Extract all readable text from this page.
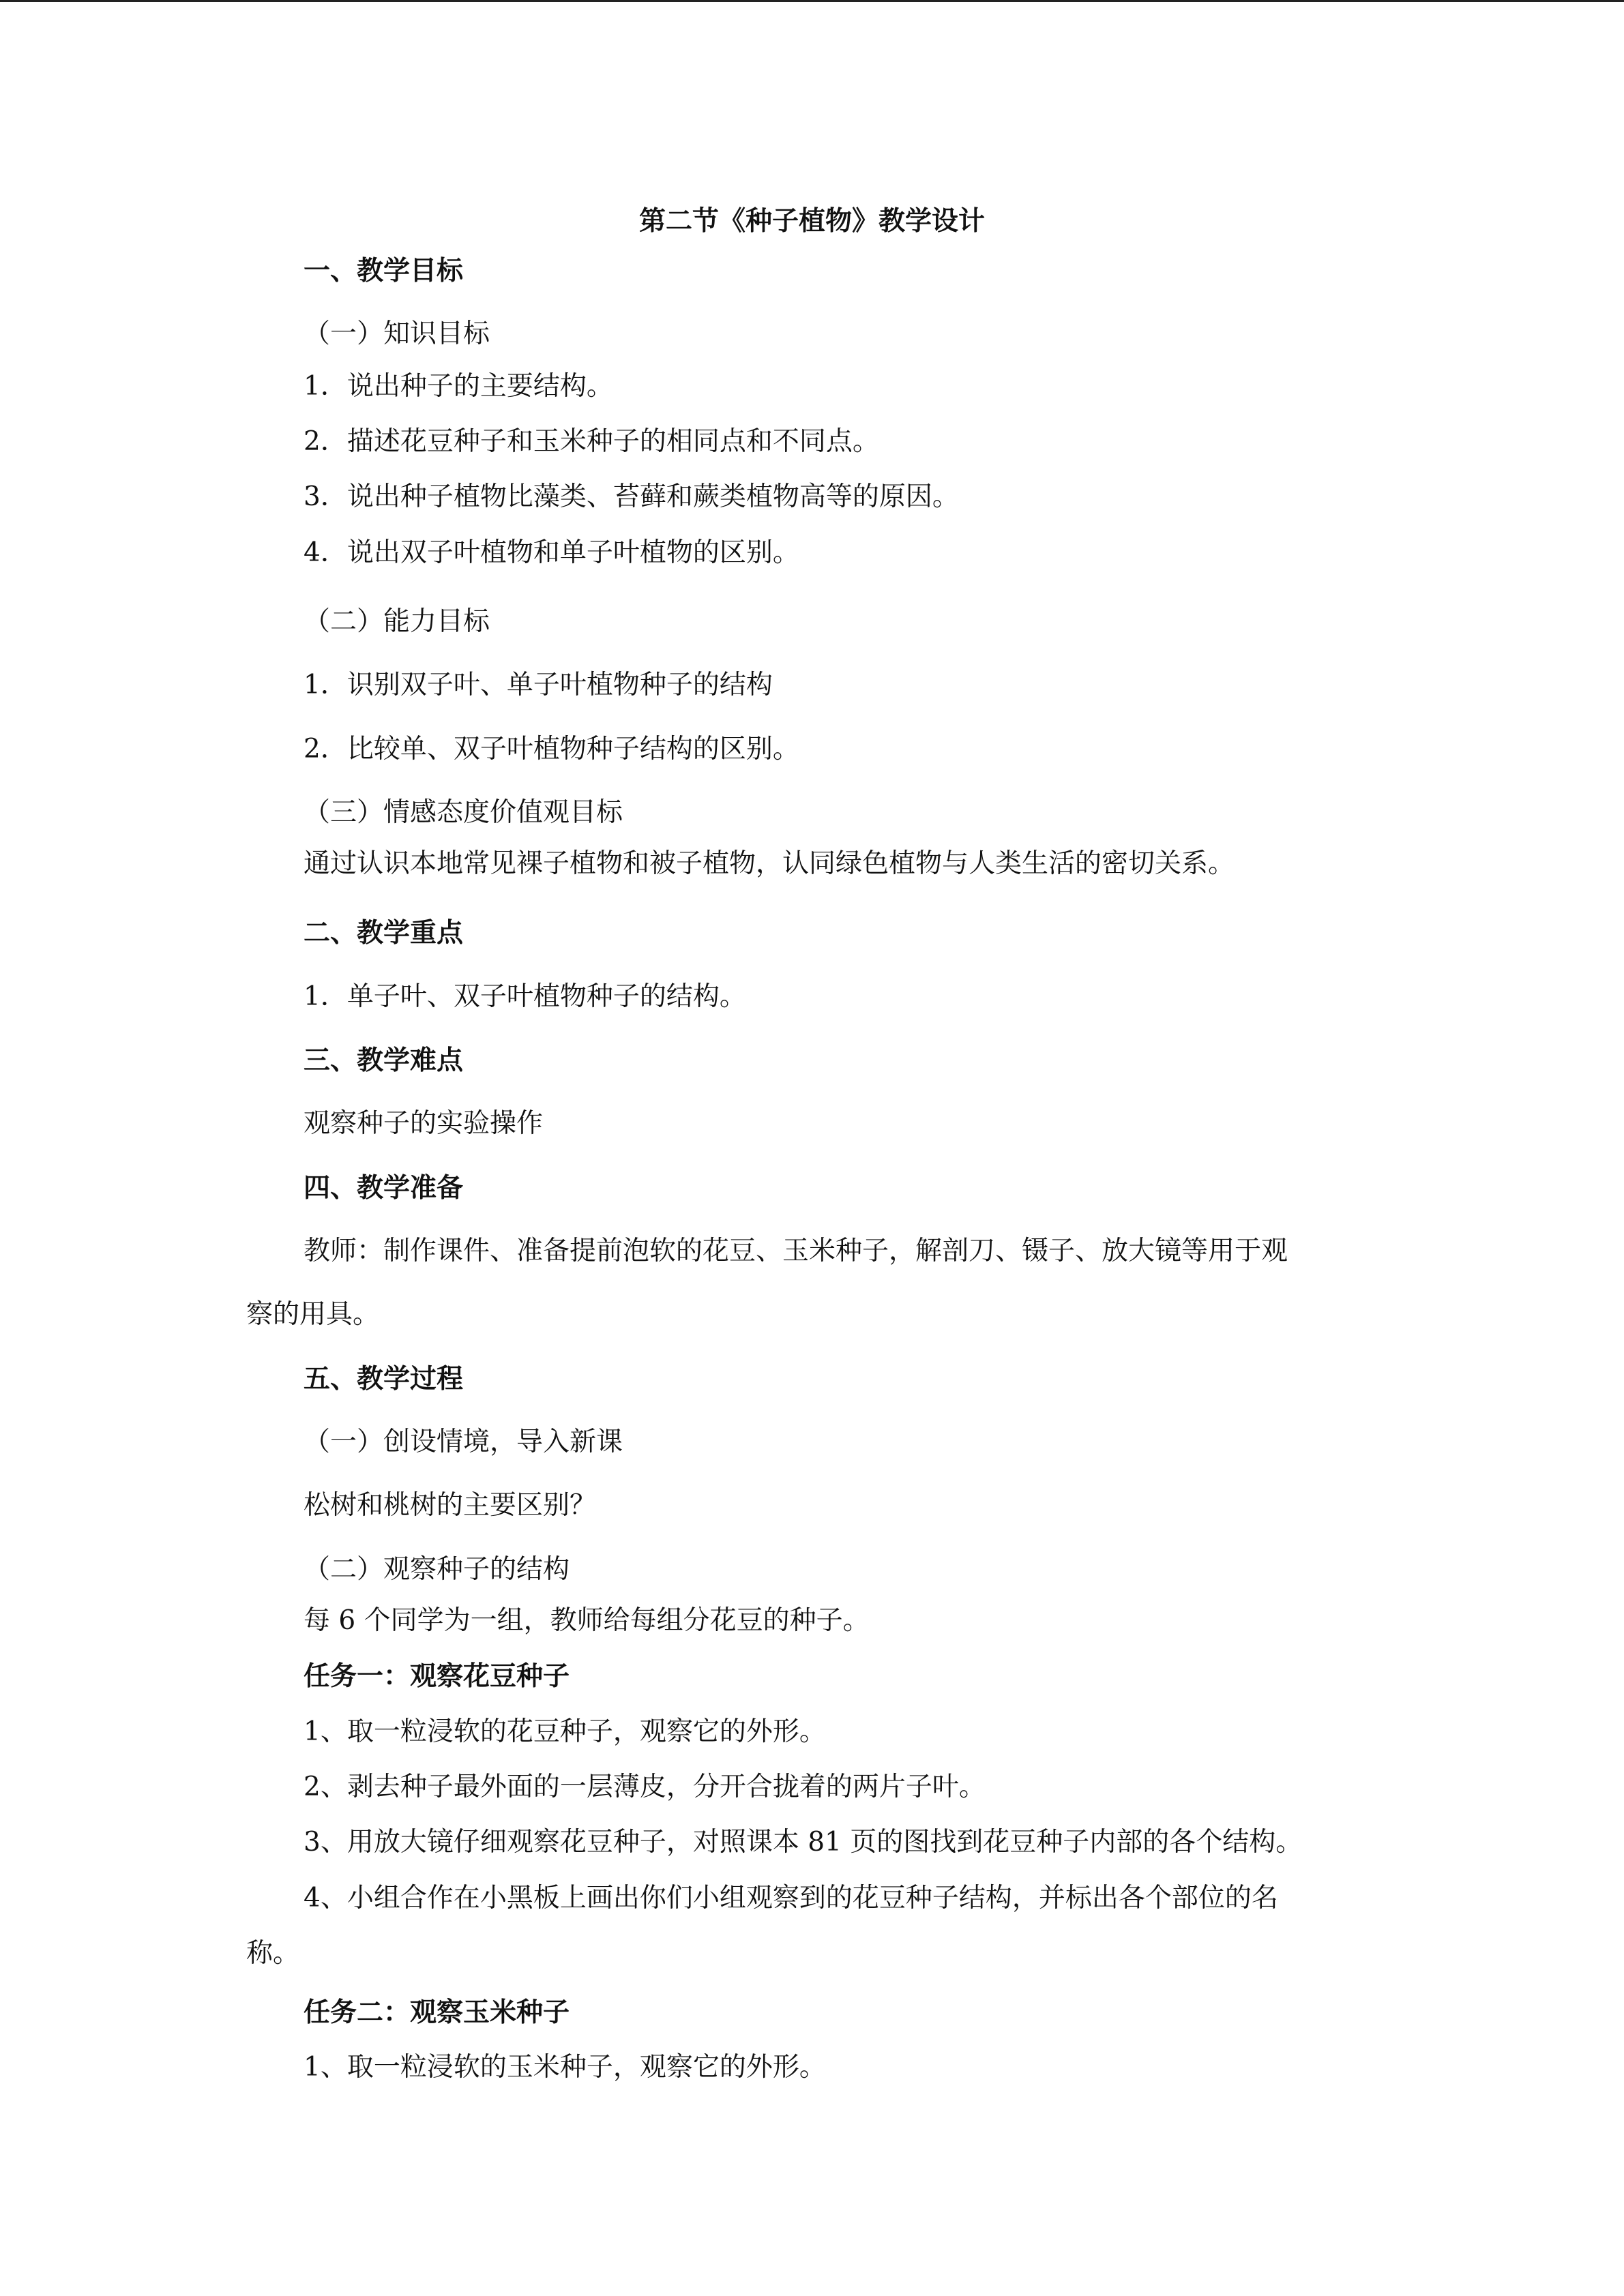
第二节《种子植物》教学设计
一、教学目标
（一）知识目标
1．说出种子的主要结构。
2．描述花豆种子和玉米种子的相同点和不同点。
3．说出种子植物比藻类、苔藓和蕨类植物高等的原因。
4．说出双子叶植物和单子叶植物的区别。
（二）能力目标
1．识别双子叶、单子叶植物种子的结构
2．比较单、双子叶植物种子结构的区别。
（三）情感态度价值观目标
通过认识本地常见裸子植物和被子植物，认同绿色植物与人类生活的密切关系。
二、教学重点
1．单子叶、双子叶植物种子的结构。
三、教学难点
观察种子的实验操作
四、教学准备
教师：制作课件、准备提前泡软的花豆、玉米种子，解剖刀、镊子、放大镜等用于观
察的用具。
五、教学过程
（一）创设情境，导入新课
松树和桃树的主要区别？
（二）观察种子的结构
每 6 个同学为一组，教师给每组分花豆的种子。
任务一：观察花豆种子
1、取一粒浸软的花豆种子，观察它的外形。
2、剥去种子最外面的一层薄皮，分开合拢着的两片子叶。
3、用放大镜仔细观察花豆种子，对照课本 81 页的图找到花豆种子内部的各个结构。
4、小组合作在小黑板上画出你们小组观察到的花豆种子结构，并标出各个部位的名
称。
任务二：观察玉米种子
1、取一粒浸软的玉米种子，观察它的外形。
